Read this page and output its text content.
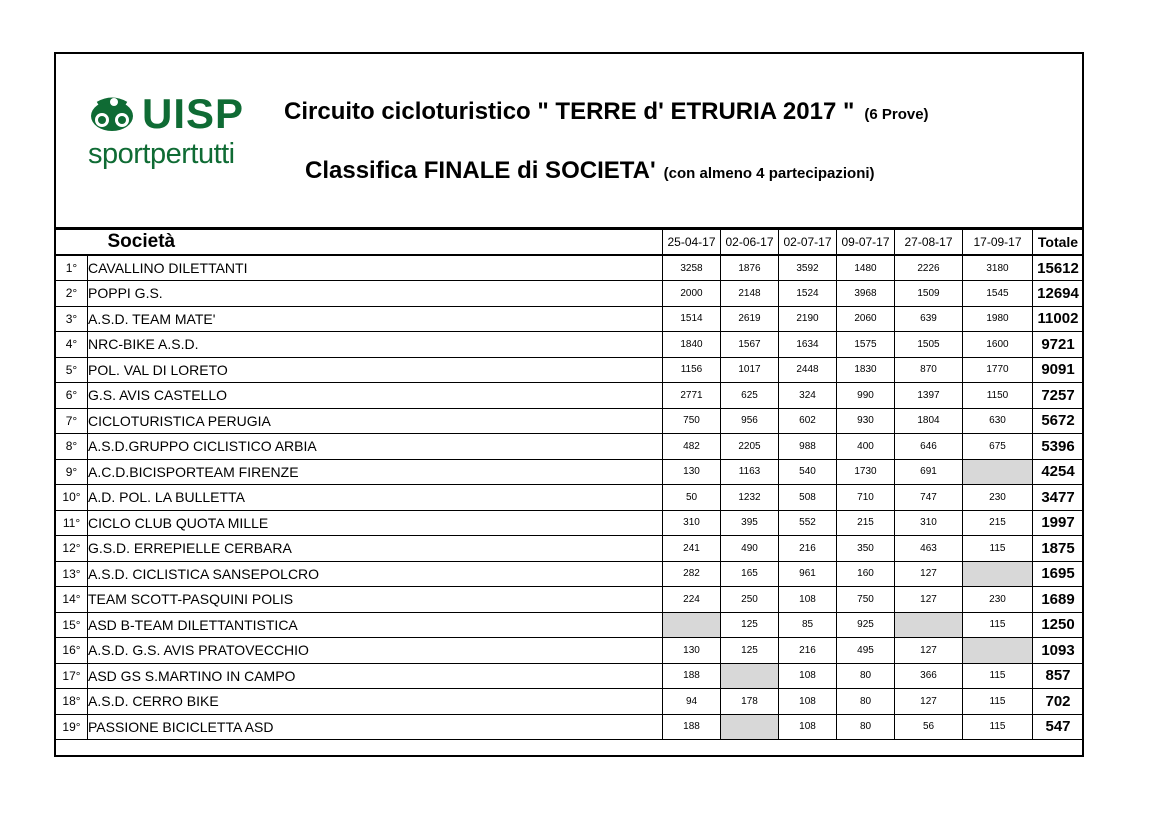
UISP
sportpertutti
Circuito cicloturistico " TERRE d' ETRURIA 2017 " (6 Prove)
Classifica FINALE di SOCIETA' (con almeno 4 partecipazioni)
Società		25-04-17	02-06-17	02-07-17	09-07-17	27-08-17	17-09-17	Totale
1°	CAVALLINO DILETTANTI	3258	1876	3592	1480	2226	3180	15612
2°	POPPI G.S.	2000	2148	1524	3968	1509	1545	12694
3°	A.S.D. TEAM MATE'	1514	2619	2190	2060	639	1980	11002
4°	NRC-BIKE A.S.D.	1840	1567	1634	1575	1505	1600	9721
5°	POL. VAL DI LORETO	1156	1017	2448	1830	870	1770	9091
6°	G.S. AVIS CASTELLO	2771	625	324	990	1397	1150	7257
7°	CICLOTURISTICA PERUGIA	750	956	602	930	1804	630	5672
8°	A.S.D.GRUPPO CICLISTICO ARBIA	482	2205	988	400	646	675	5396
9°	A.C.D.BICISPORTEAM FIRENZE	130	1163	540	1730	691		4254
10°	A.D. POL. LA BULLETTA	50	1232	508	710	747	230	3477
11°	CICLO CLUB QUOTA MILLE	310	395	552	215	310	215	1997
12°	G.S.D. ERREPIELLE CERBARA	241	490	216	350	463	115	1875
13°	A.S.D. CICLISTICA SANSEPOLCRO	282	165	961	160	127		1695
14°	TEAM SCOTT-PASQUINI POLIS	224	250	108	750	127	230	1689
15°	ASD B-TEAM DILETTANTISTICA		125	85	925		115	1250
16°	A.S.D. G.S. AVIS PRATOVECCHIO	130	125	216	495	127		1093
17°	ASD GS S.MARTINO IN CAMPO	188		108	80	366	115	857
18°	A.S.D. CERRO BIKE	94	178	108	80	127	115	702
19°	PASSIONE BICICLETTA ASD	188		108	80	56	115	547
